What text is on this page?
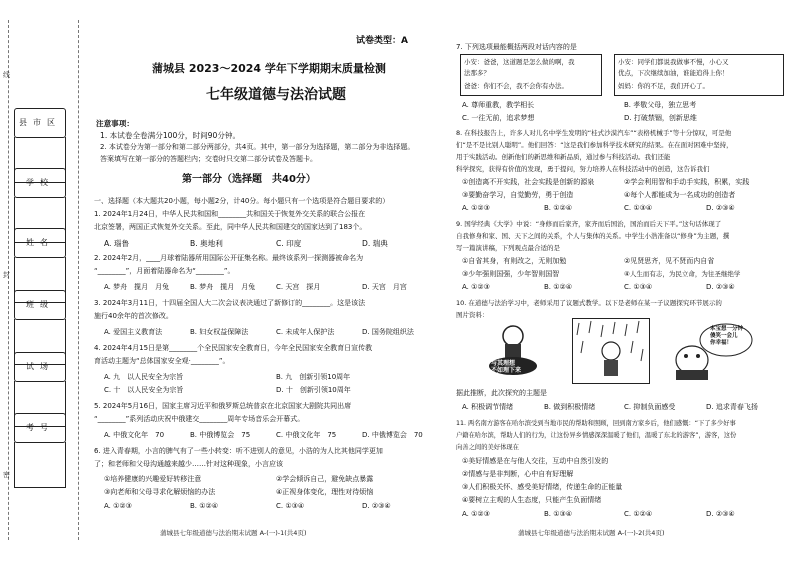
线
封
密
县市区
学校
姓名
班级
试场
考号
蒲城县 2023～2024 学年下学期期末质量检测
七年级道德与法治试题
注意事项：
1. 本试卷全卷满分100分，时间90分钟。
2. 本试卷分为第一部分和第二部分两部分，共4页。其中，第一部分为选择题，第二部分为非选择题。
答案填写在第一部分的答题栏内；交卷时只交第二部分试卷及答题卡。
第一部分（选择题　共40分）
一、选择题（本大题共20小题，每小题2分，计40分。每小题只有一个选项是符合题目要求的）
1. 2024年1月24日，中华人民共和国和________共和国关于恢复外交关系的联合公报在
北京签署，两国正式恢复外交关系。至此，同中华人民共和国建交的国家达到了183个。
A. 瑙鲁	B. 奥地利	C. 印度	D. 瑞典
2. 2024年2月，____月球着陆器所用国际公开征集名称。最终该系列一探测器被命名为
“________”，月面着陆器命名为“________”。
A. 梦舟　揽月　月兔	B. 梦舟　揽月　月兔	C. 天宫　探月	D. 天宫　月宫
3. 2024年3月11日，十四届全国人大二次会议表决通过了新修订的________。这是该法
施行40余年的首次修改。
A. 爱国主义教育法	B. 妇女权益保障法	C. 未成年人保护法	D. 国务院组织法
4. 2024年4月15日是第________个全民国家安全教育日，今年全民国家安全教育日宣传教
育活动主题为“总体国家安全观·________”。
A. 九　以人民安全为宗旨	B. 九　创新引领10周年
C. 十　以人民安全为宗旨	D. 十　创新引领10周年
5. 2024年5月16日，国家主席习近平和俄罗斯总统普京在北京国家大剧院共同出席
“________”系列活动庆祝中俄建交________周年专场音乐会开幕式。
A. 中俄文化年　70	B. 中俄博览会　75	C. 中俄文化年　75	D. 中俄博览会　70
6. 进入青春期，小言的脾气有了一些小转变：听不进别人的意见，小浩的为人比其他同学更加
了；和老师和父母沟通越来越少……针对这种现象，小言应该
①培养健康的兴趣爱好转移注意	②学会倾诉自己，避免缺点暴露
③向老师和父母寻求化解烦恼的办法	④正视身体变化，理性对待烦恼
A. ①②③	B. ①②④	C. ①③④	D. ②③④
蒲城县七年级道德与法治期末试题 A-(一)-1(共4页)
试卷类型：A
7. 下列选项最能概括两段对话内容的是
小安：爸爸，这道题是怎么做的啊，我
法那多？
爸爸：你们不会，我不会你有办法。
小安：同学们都说我做事不慢，小心又
优点，下次继续加油，谁能追得上你！
妈妈：你的不足，我们开心了。
A. 尊师重教，教学相长	B. 孝敬父母，独立思考
C. 一往无前，追求梦想	D. 打破禁锢，创新思维
8. 在科技报告上，许多人对儿名中学生发明的“桂式沙漠汽车”“表格机械手”等十分惊叹，可是他
们“是不是比别人聪明”。他们回答：“这是我们参加科学技术研究的结果。在在面对困难中坚持，
用于实践活动。创新他们的新思维和新品质，通过参与科技活动。我们还能
科学探究，获得有价值的发现，勇于提问，努力培养人在科技活动中的创造，这告诉我们
①创造离不开实践，社会实践是创新的源泉	②学会利用智和手动手实践，积累，实践
③要勤奋学习，自觉勤劳，勇于创造	④每个人都能成为一名成功的创造者
A. ①②③	B. ①②④	C. ①③④	D. ②③④
9. 国学经典《大学》中说：“身修而后家齐，家齐而后国治，国治而后天下平。”这句话体现了
自我修身和家、国、天下之间的关系，个人与集体的关系。中学生小浩准备以“修身”为主题，撰
写一篇演讲稿，下列观点最合适的是
①自省其身，有则改之，无则加勉	②见贤思齐，见不贤而内自省
③少年强则国强，少年智则国智	④人生而有志，为民立命，为往圣继绝学
A. ①②③	B. ①②④	C. ①③④	D. ②③④
10. 在道德与法治学习中，老师采用了议题式教学。以下是老师在某一子议题探究环节展示的
图片资料：
与其理想
不如理下来
本宝想一分钟
傻笑一会儿
你幸福！
据此推断，此次探究的主题是
A. 积极调节情绪	B. 做到积极情绪	C. 抑制负面感受	D. 追求青春飞扬
11. 两名南方游客在哈尔滨受到当地市民的帮助和照顾，回到南方家乡后，他们感慨：“下了多少好事
户籍在哈尔滨，帮助人们的行为，让这份异乡情感深深温暖了他们，温暖了东北的游客”，游客，这份
向善之间的美好体现在
①美好情感是在与他人交往，互动中自然引发的
②情感与是非判断，心中自有好理解
③人们积极关怀、感受美好情绪，传递生命的正能量
④要树立主观的人生态度，只能产生负面情绪
A. ①②③	B. ①③④	C. ①②④	D. ②③④
蒲城县七年级道德与法治期末试题 A-(一)-2(共4页)
